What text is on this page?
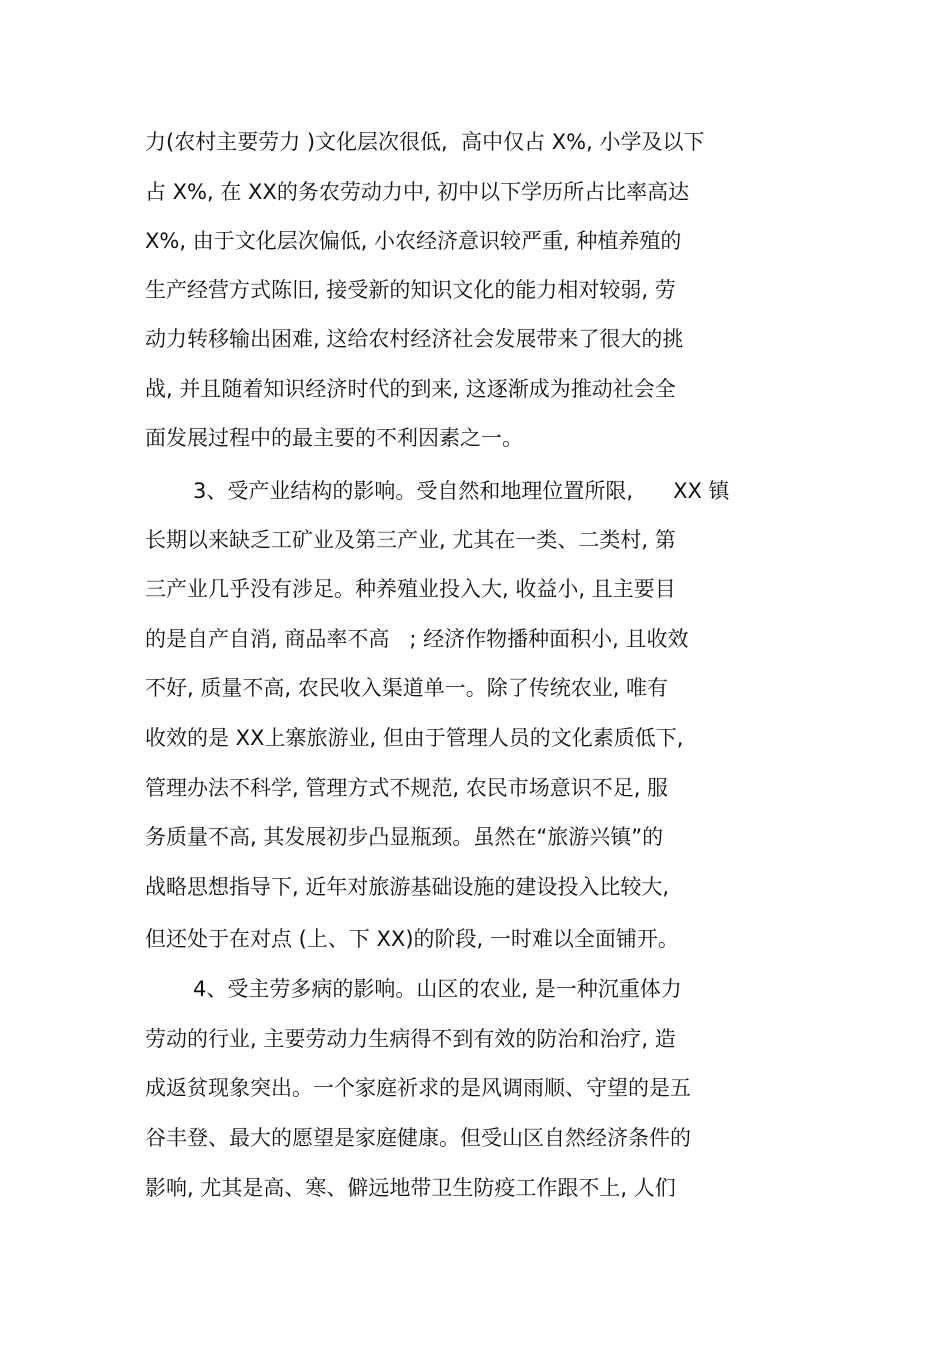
力(农村主要劳力 )文化层次很低,  高中仅占 X%, 小学及以下
占 X%, 在 XX的务农劳动力中, 初中以下学历所占比率高达
X%, 由于文化层次偏低, 小农经济意识较严重, 种植养殖的
生产经营方式陈旧, 接受新的知识文化的能力相对较弱, 劳
动力转移输出困难, 这给农村经济社会发展带来了很大的挑
战, 并且随着知识经济时代的到来, 这逐渐成为推动社会全
面发展过程中的最主要的不利因素之一。
3、受产业结构的影响。受自然和地理位置所限,      XX 镇
长期以来缺乏工矿业及第三产业, 尤其在一类、二类村, 第
三产业几乎没有涉足。种养殖业投入大, 收益小, 且主要目
的是自产自消, 商品率不高   ; 经济作物播种面积小, 且收效
不好, 质量不高, 农民收入渠道单一。除了传统农业, 唯有
收效的是 XX上寨旅游业, 但由于管理人员的文化素质低下,
管理办法不科学, 管理方式不规范, 农民市场意识不足, 服
务质量不高, 其发展初步凸显瓶颈。虽然在“旅游兴镇”的
战略思想指导下, 近年对旅游基础设施的建设投入比较大,
但还处于在对点 (上、下 XX)的阶段, 一时难以全面铺开。
4、受主劳多病的影响。山区的农业, 是一种沉重体力
劳动的行业, 主要劳动力生病得不到有效的防治和治疗, 造
成返贫现象突出。一个家庭祈求的是风调雨顺、守望的是五
谷丰登、最大的愿望是家庭健康。但受山区自然经济条件的
影响, 尤其是高、寒、僻远地带卫生防疫工作跟不上, 人们
